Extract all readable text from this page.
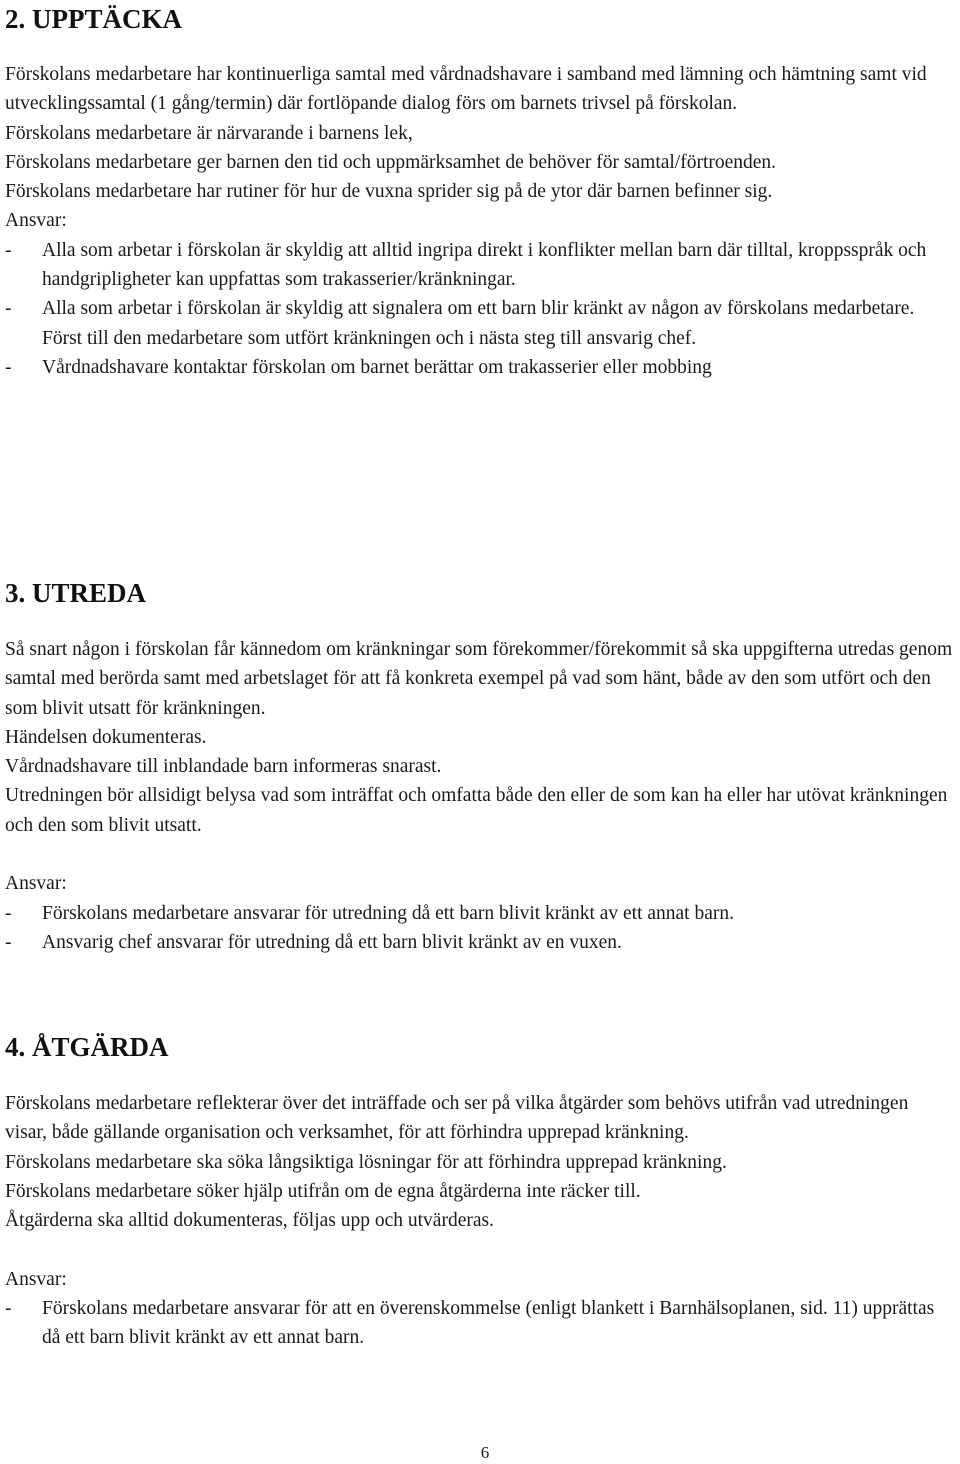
2. UPPTÄCKA

Förskolans medarbetare har kontinuerliga samtal med vårdnadshavare i samband med lämning och hämtning samt vid utvecklingssamtal (1 gång/termin) där fortlöpande dialog förs om barnets trivsel på förskolan.

Förskolans medarbetare är närvarande i barnens lek,

Förskolans medarbetare ger barnen den tid och uppmärksamhet de behöver för samtal/förtroenden.

Förskolans medarbetare har rutiner för hur de vuxna sprider sig på de ytor där barnen befinner sig.

Ansvar:

- Alla som arbetar i förskolan är skyldig att alltid ingripa direkt i konflikter mellan barn där tilltal, kroppsspråk och handgripligheter kan uppfattas som trakasserier/kränkningar.
- Alla som arbetar i förskolan är skyldig att signalera om ett barn blir kränkt av någon av förskolans medarbetare. Först till den medarbetare som utfört kränkningen och i nästa steg till ansvarig chef.
- Vårdnadshavare kontaktar förskolan om barnet berättar om trakasserier eller mobbing
3. UTREDA

Så snart någon i förskolan får kännedom om kränkningar som förekommer/förekommit så ska uppgifterna utredas genom samtal med berörda samt med arbetslaget för att få konkreta exempel på vad som hänt, både av den som utfört och den som blivit utsatt för kränkningen.

Händelsen dokumenteras.

Vårdnadshavare till inblandade barn informeras snarast.

Utredningen bör allsidigt belysa vad som inträffat och omfatta både den eller de som kan ha eller har utövat kränkningen och den som blivit utsatt.

Ansvar:

- Förskolans medarbetare ansvarar för utredning då ett barn blivit kränkt av ett annat barn.
- Ansvarig chef ansvarar för utredning då ett barn blivit kränkt av en vuxen.
4. ÅTGÄRDA

Förskolans medarbetare reflekterar över det inträffade och ser på vilka åtgärder som behövs utifrån vad utredningen visar, både gällande organisation och verksamhet, för att förhindra upprepad kränkning.

Förskolans medarbetare ska söka långsiktiga lösningar för att förhindra upprepad kränkning.

Förskolans medarbetare söker hjälp utifrån om de egna åtgärderna inte räcker till.

Åtgärderna ska alltid dokumenteras, följas upp och utvärderas.

Ansvar:

- Förskolans medarbetare ansvarar för att en överenskommelse (enligt blankett i Barnhälsoplanen, sid. 11) upprättas då ett barn blivit kränkt av ett annat barn.
6
